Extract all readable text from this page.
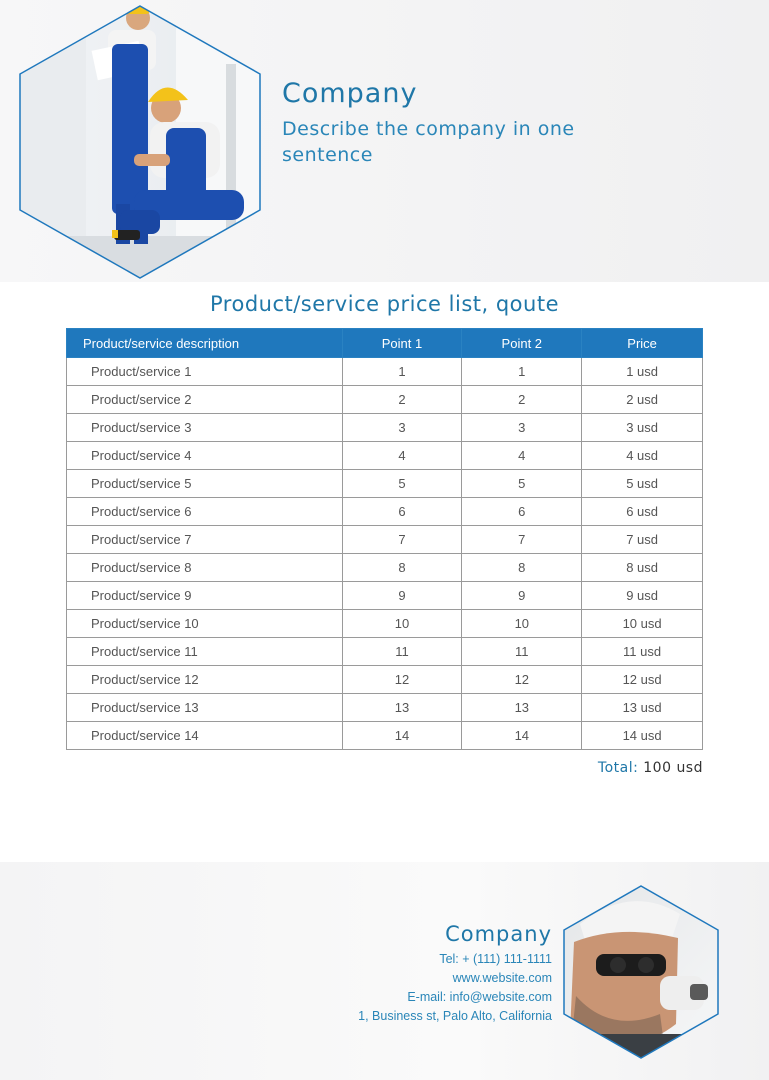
Company
Describe the company in one sentence
Product/service price list, qoute
Product/service description	Point 1	Point 2	Price
Product/service 1	1	1	1 usd
Product/service 2	2	2	2 usd
Product/service 3	3	3	3 usd
Product/service 4	4	4	4 usd
Product/service 5	5	5	5 usd
Product/service 6	6	6	6 usd
Product/service 7	7	7	7 usd
Product/service 8	8	8	8 usd
Product/service 9	9	9	9 usd
Product/service 10	10	10	10 usd
Product/service 11	11	11	11 usd
Product/service 12	12	12	12 usd
Product/service 13	13	13	13 usd
Product/service 14	14	14	14 usd
Total: 100 usd
Company
Tel: + (111) 111-1111
www.website.com
E-mail: info@website.com
1, Business st, Palo Alto, California
